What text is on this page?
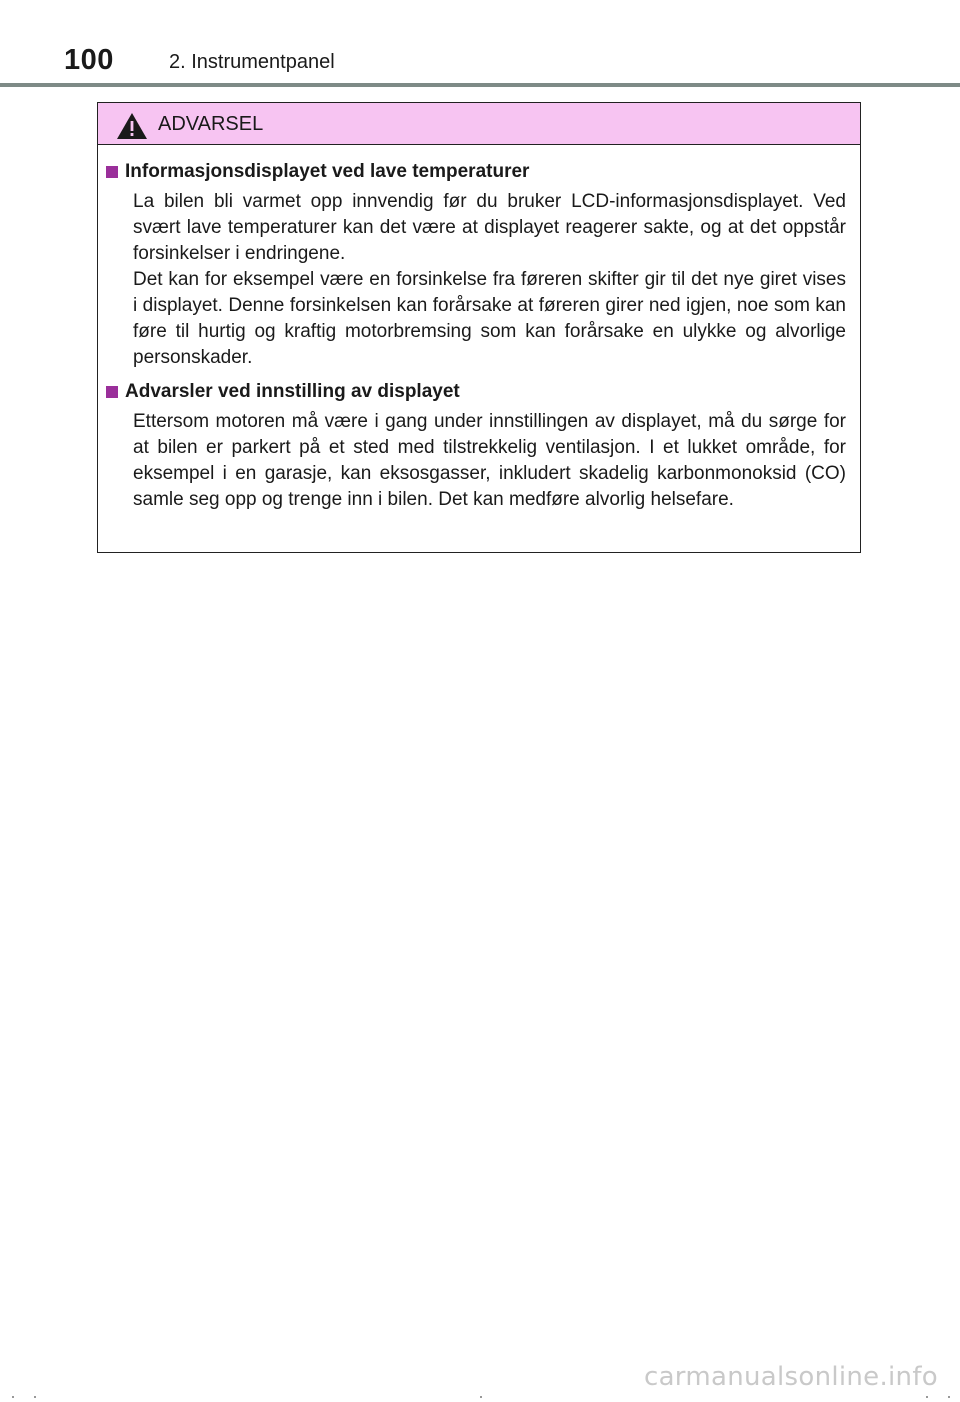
100	2. Instrumentpanel
ADVARSEL
Informasjonsdisplayet ved lave temperaturer

La bilen bli varmet opp innvendig før du bruker LCD-informasjonsdisplayet. Ved svært lave temperaturer kan det være at displayet reagerer sakte, og at det oppstår forsinkelser i endringene.

Det kan for eksempel være en forsinkelse fra føreren skifter gir til det nye giret vises i displayet. Denne forsinkelsen kan forårsake at føreren girer ned igjen, noe som kan føre til hurtig og kraftig motorbremsing som kan forårsake en ulykke og alvorlige personskader.

Advarsler ved innstilling av displayet

Ettersom motoren må være i gang under innstillingen av displayet, må du sørge for at bilen er parkert på et sted med tilstrekkelig ventilasjon. I et lukket område, for eksempel i en garasje, kan eksosgasser, inkludert skadelig karbonmonoksid (CO) samle seg opp og trenge inn i bilen. Det kan medføre alvorlig helsefare.

carmanualsonline.info
